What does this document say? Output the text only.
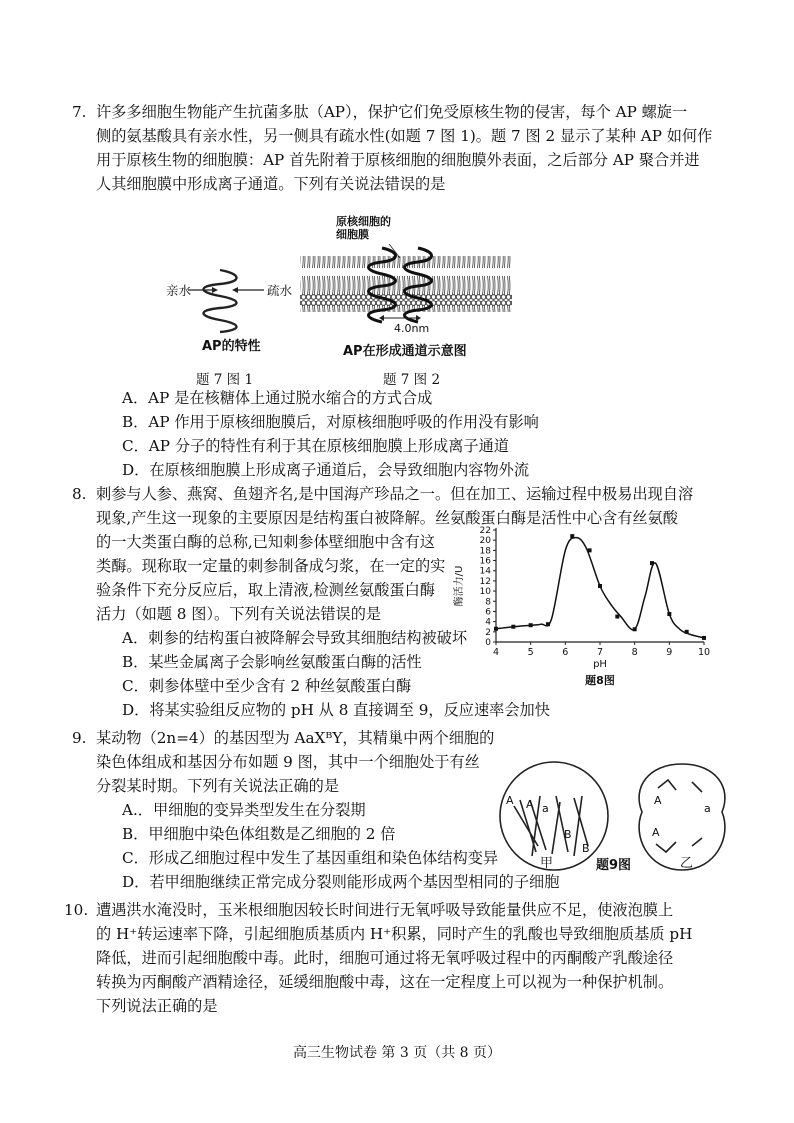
7. 许多多细胞生物能产生抗菌多肽（AP），保护它们免受原核生物的侵害，每个 AP 螺旋一
侧的氨基酸具有亲水性，另一侧具有疏水性(如题 7 图 1)。题 7 图 2 显示了某种 AP 如何作
用于原核生物的细胞膜：AP 首先附着于原核细胞的细胞膜外表面，之后部分 AP 聚合并进
人其细胞膜中形成离子通道。下列有关说法错误的是
亲水	疏水
AP的特性
题 7 图 1
原核细胞的
细胞膜
4.0nm
AP在形成通道示意图
题 7 图 2
A．AP 是在核糖体上通过脱水缩合的方式合成
B．AP 作用于原核细胞膜后，对原核细胞呼吸的作用没有影响
C．AP 分子的特性有利于其在原核细胞膜上形成离子通道
D．在原核细胞膜上形成离子通道后，会导致细胞内容物外流
8. 刺参与人参、燕窝、鱼翅齐名,是中国海产珍品之一。但在加工、运输过程中极易出现自溶
现象,产生这一现象的主要原因是结构蛋白被降解。丝氨酸蛋白酶是活性中心含有丝氨酸
的一大类蛋白酶的总称,已知刺参体壁细胞中含有这
类酶。现称取一定量的刺参制备成匀浆，在一定的实
验条件下充分反应后，取上清液,检测丝氨酸蛋白酶
活力（如题 8 图）。下列有关说法错误的是
0
2
4
6
8
10
12
14
16
18
20
22
4	5	6	7	8	9	10
酶活力/U
pH
题8图
A．刺参的结构蛋白被降解会导致其细胞结构被破坏
B．某些金属离子会影响丝氨酸蛋白酶的活性
C．刺参体壁中至少含有 2 种丝氨酸蛋白酶
D．将某实验组反应物的 pH 从 8 直接调至 9，反应速率会加快
9. 某动物（2n=4）的基因型为 AaXᴮY，其精巢中两个细胞的
染色体组成和基因分布如题 9 图，其中一个细胞处于有丝
分裂某时期。下列有关说法正确的是
A A a
B
B
A
a
A
甲	题9图	乙
A.．甲细胞的变异类型发生在分裂期
B．甲细胞中染色体组数是乙细胞的 2 倍
C．形成乙细胞过程中发生了基因重组和染色体结构变异
D．若甲细胞继续正常完成分裂则能形成两个基因型相同的子细胞
10. 遭遇洪水淹没时，玉米根细胞因较长时间进行无氧呼吸导致能量供应不足，使液泡膜上
的 H⁺转运速率下降，引起细胞质基质内 H⁺积累，同时产生的乳酸也导致细胞质基质 pH
降低，进而引起细胞酸中毒。此时，细胞可通过将无氧呼吸过程中的丙酮酸产乳酸途径
转换为丙酮酸产酒精途径，延缓细胞酸中毒，这在一定程度上可以视为一种保护机制。
下列说法正确的是
高三生物试卷 第 3 页（共 8 页）
